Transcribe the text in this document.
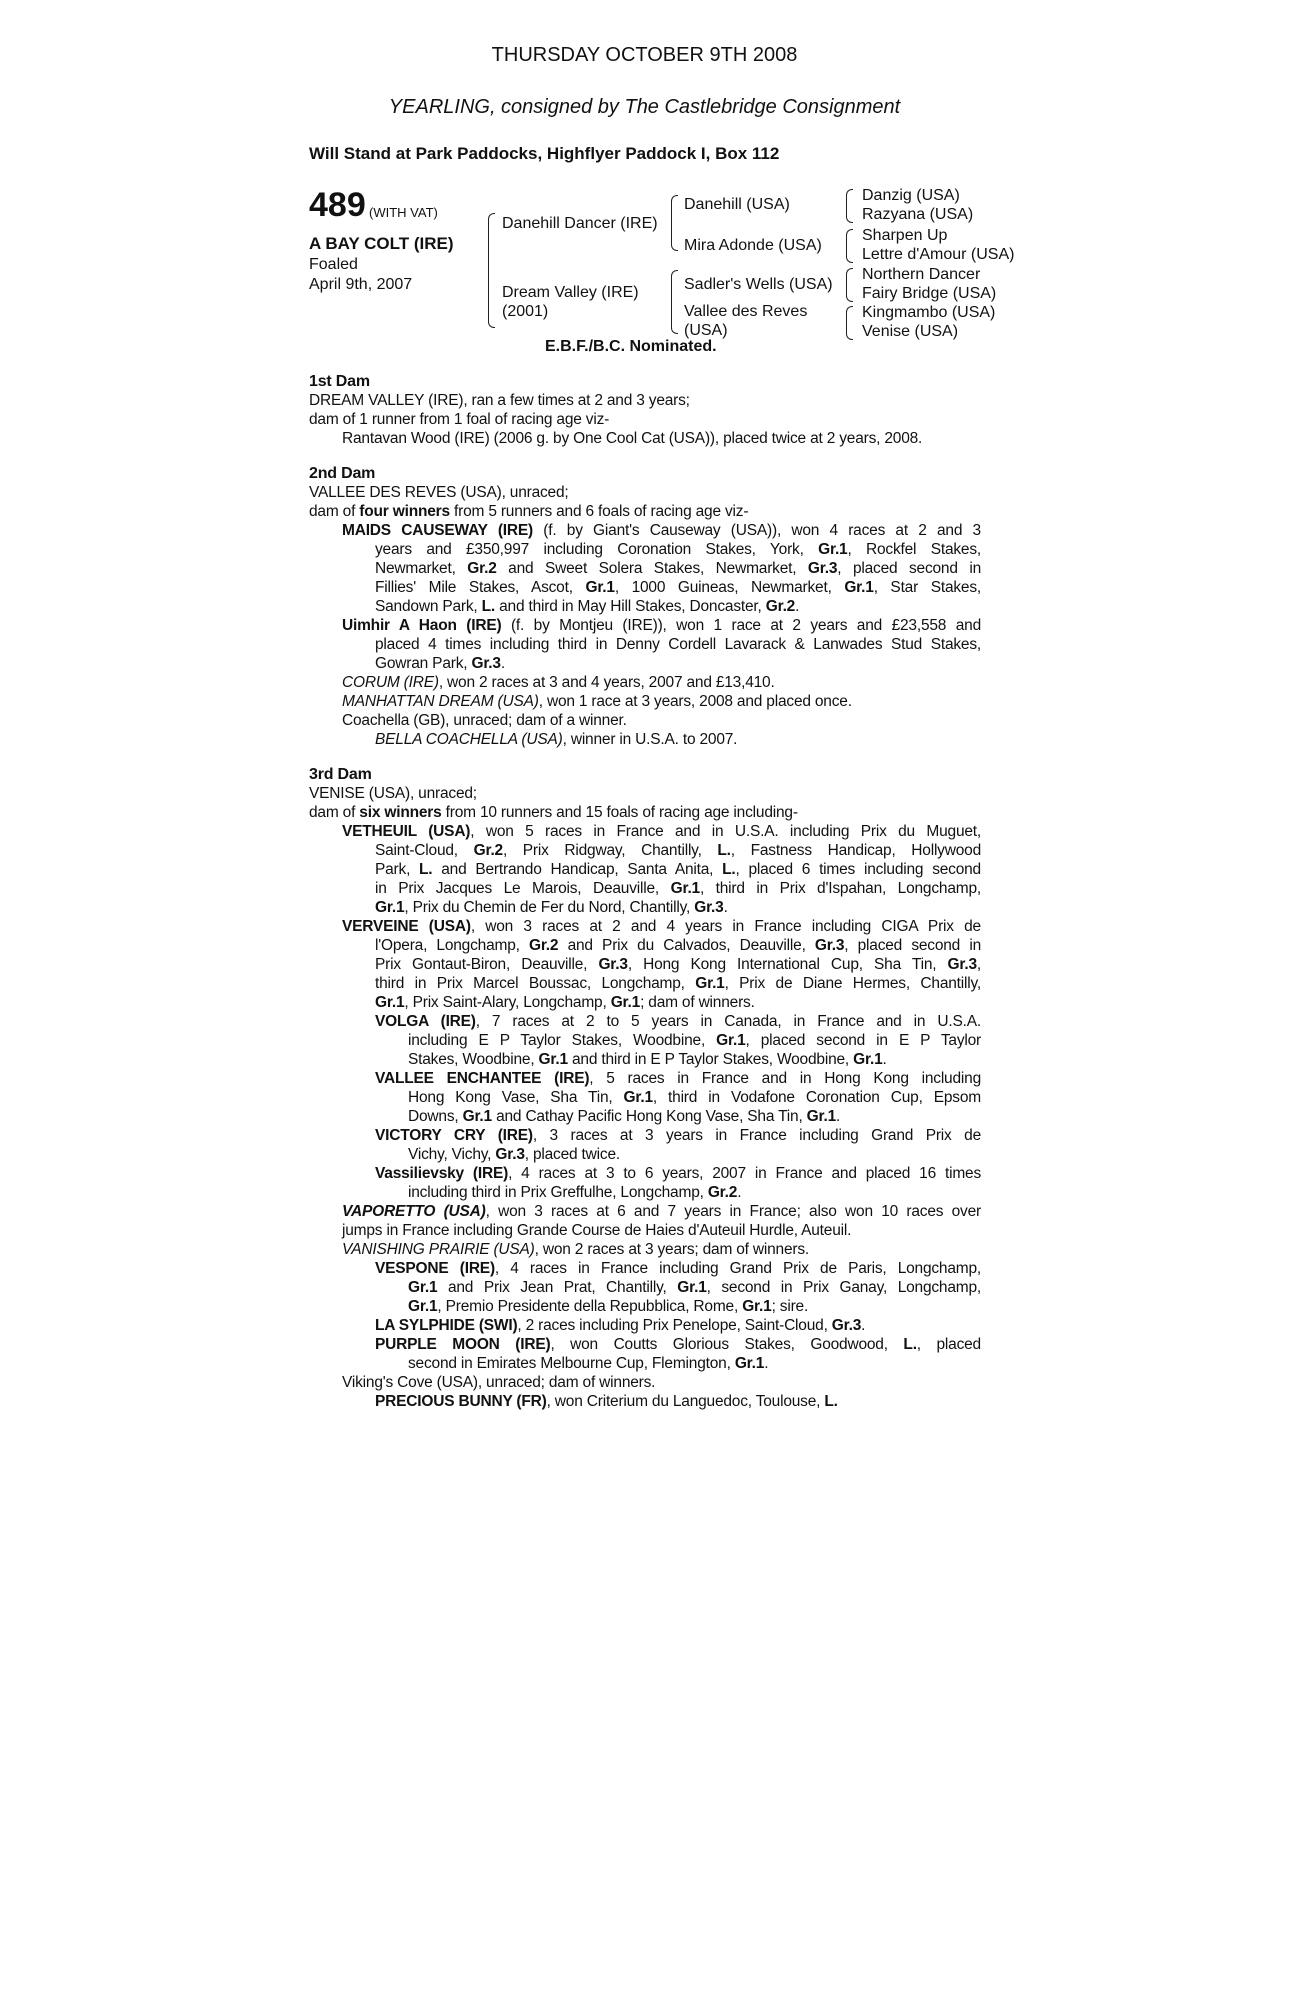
THURSDAY OCTOBER 9TH 2008
YEARLING, consigned by The Castlebridge Consignment
Will Stand at Park Paddocks, Highflyer Paddock I, Box 112
489 (WITH VAT)
A BAY COLT (IRE)
Foaled
April 9th, 2007
Danehill Dancer (IRE)
Dream Valley (IRE)
(2001)
Danehill (USA)
Mira Adonde (USA)
Sadler's Wells (USA)
Vallee des Reves
(USA)
Danzig (USA)
Razyana (USA)
Sharpen Up
Lettre d'Amour (USA)
Northern Dancer
Fairy Bridge (USA)
Kingmambo (USA)
Venise (USA)
E.B.F./B.C. Nominated.
1st Dam
DREAM VALLEY (IRE), ran a few times at 2 and 3 years;
dam of 1 runner from 1 foal of racing age viz-
Rantavan Wood (IRE) (2006 g. by One Cool Cat (USA)), placed twice at 2 years, 2008.
2nd Dam
VALLEE DES REVES (USA), unraced;
dam of four winners from 5 runners and 6 foals of racing age viz-
MAIDS CAUSEWAY (IRE) (f. by Giant's Causeway (USA)), won 4 races at 2 and 3
years and £350,997 including Coronation Stakes, York, Gr.1, Rockfel Stakes,
Newmarket, Gr.2 and Sweet Solera Stakes, Newmarket, Gr.3, placed second in
Fillies' Mile Stakes, Ascot, Gr.1, 1000 Guineas, Newmarket, Gr.1, Star Stakes,
Sandown Park, L. and third in May Hill Stakes, Doncaster, Gr.2.
Uimhir A Haon (IRE) (f. by Montjeu (IRE)), won 1 race at 2 years and £23,558 and
placed 4 times including third in Denny Cordell Lavarack & Lanwades Stud Stakes,
Gowran Park, Gr.3.
CORUM (IRE), won 2 races at 3 and 4 years, 2007 and £13,410.
MANHATTAN DREAM (USA), won 1 race at 3 years, 2008 and placed once.
Coachella (GB), unraced; dam of a winner.
BELLA COACHELLA (USA), winner in U.S.A. to 2007.
3rd Dam
VENISE (USA), unraced;
dam of six winners from 10 runners and 15 foals of racing age including-
VETHEUIL (USA), won 5 races in France and in U.S.A. including Prix du Muguet,
Saint-Cloud, Gr.2, Prix Ridgway, Chantilly, L., Fastness Handicap, Hollywood
Park, L. and Bertrando Handicap, Santa Anita, L., placed 6 times including second
in Prix Jacques Le Marois, Deauville, Gr.1, third in Prix d'Ispahan, Longchamp,
Gr.1, Prix du Chemin de Fer du Nord, Chantilly, Gr.3.
VERVEINE (USA), won 3 races at 2 and 4 years in France including CIGA Prix de
l'Opera, Longchamp, Gr.2 and Prix du Calvados, Deauville, Gr.3, placed second in
Prix Gontaut-Biron, Deauville, Gr.3, Hong Kong International Cup, Sha Tin, Gr.3,
third in Prix Marcel Boussac, Longchamp, Gr.1, Prix de Diane Hermes, Chantilly,
Gr.1, Prix Saint-Alary, Longchamp, Gr.1; dam of winners.
VOLGA (IRE), 7 races at 2 to 5 years in Canada, in France and in U.S.A.
including E P Taylor Stakes, Woodbine, Gr.1, placed second in E P Taylor
Stakes, Woodbine, Gr.1 and third in E P Taylor Stakes, Woodbine, Gr.1.
VALLEE ENCHANTEE (IRE), 5 races in France and in Hong Kong including
Hong Kong Vase, Sha Tin, Gr.1, third in Vodafone Coronation Cup, Epsom
Downs, Gr.1 and Cathay Pacific Hong Kong Vase, Sha Tin, Gr.1.
VICTORY CRY (IRE), 3 races at 3 years in France including Grand Prix de
Vichy, Vichy, Gr.3, placed twice.
Vassilievsky (IRE), 4 races at 3 to 6 years, 2007 in France and placed 16 times
including third in Prix Greffulhe, Longchamp, Gr.2.
VAPORETTO (USA), won 3 races at 6 and 7 years in France; also won 10 races over
jumps in France including Grande Course de Haies d'Auteuil Hurdle, Auteuil.
VANISHING PRAIRIE (USA), won 2 races at 3 years; dam of winners.
VESPONE (IRE), 4 races in France including Grand Prix de Paris, Longchamp,
Gr.1 and Prix Jean Prat, Chantilly, Gr.1, second in Prix Ganay, Longchamp,
Gr.1, Premio Presidente della Repubblica, Rome, Gr.1; sire.
LA SYLPHIDE (SWI), 2 races including Prix Penelope, Saint-Cloud, Gr.3.
PURPLE MOON (IRE), won Coutts Glorious Stakes, Goodwood, L., placed
second in Emirates Melbourne Cup, Flemington, Gr.1.
Viking's Cove (USA), unraced; dam of winners.
PRECIOUS BUNNY (FR), won Criterium du Languedoc, Toulouse, L.
